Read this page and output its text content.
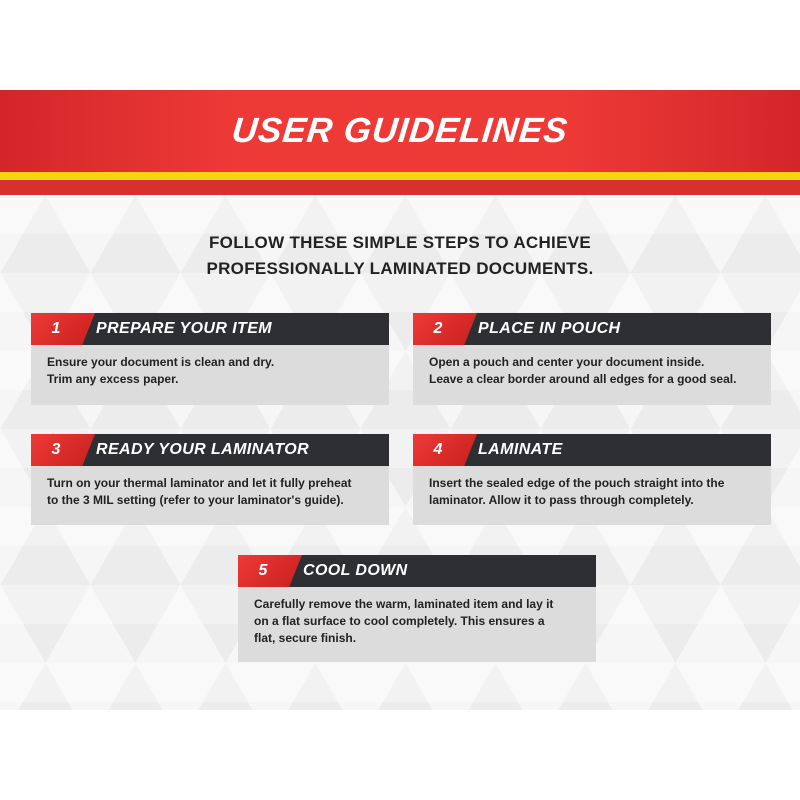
USER GUIDELINES
FOLLOW THESE SIMPLE STEPS TO ACHIEVE
PROFESSIONALLY LAMINATED DOCUMENTS.
1	PREPARE YOUR ITEM
Ensure your document is clean and dry.
Trim any excess paper.
2	PLACE IN POUCH
Open a pouch and center your document inside.
Leave a clear border around all edges for a good seal.
3	READY YOUR LAMINATOR
Turn on your thermal laminator and let it fully preheat
to the 3 MIL setting (refer to your laminator's guide).
4	LAMINATE
Insert the sealed edge of the pouch straight into the
laminator. Allow it to pass through completely.
5	COOL DOWN
Carefully remove the warm, laminated item and lay it
on a flat surface to cool completely. This ensures a
flat, secure finish.
